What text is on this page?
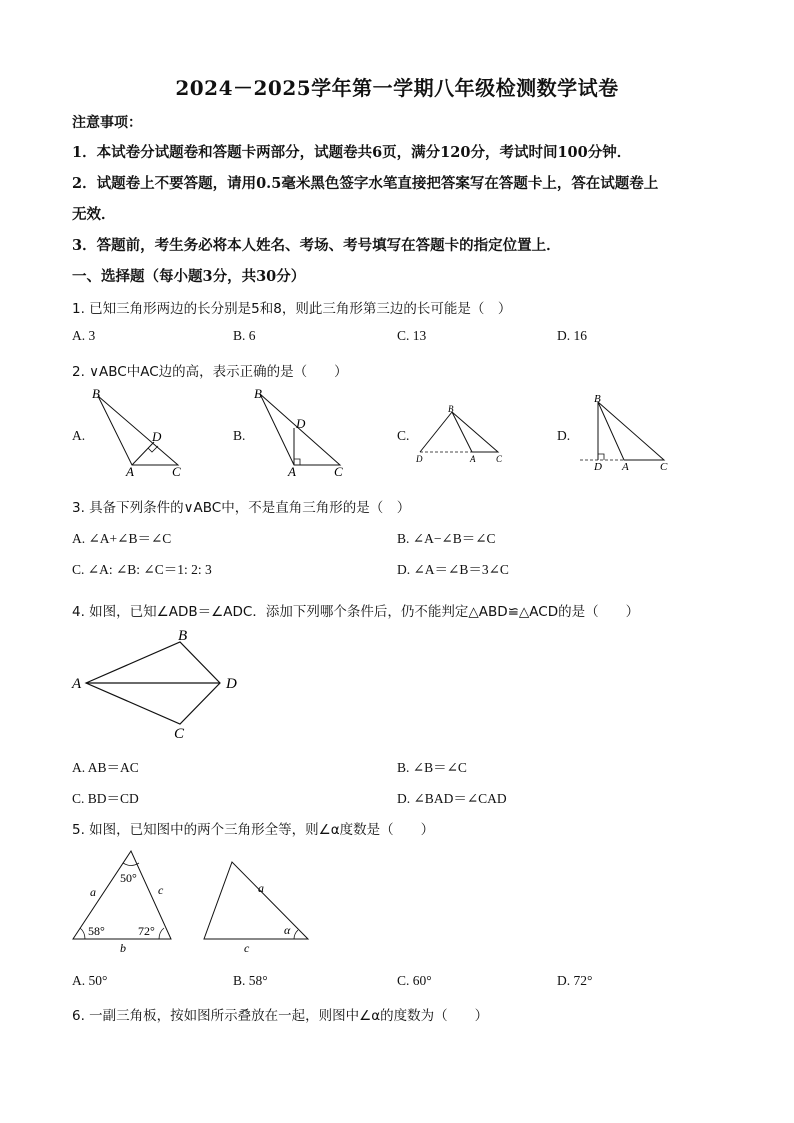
2024－2025学年第一学期八年级检测数学试卷
注意事项：
1．本试卷分试题卷和答题卡两部分，试题卷共6页，满分120分，考试时间100分钟．
2．试题卷上不要答题，请用0.5毫米黑色签字水笔直接把答案写在答题卡上，答在试题卷上
无效．
3．答题前，考生务必将本人姓名、考场、考号填写在答题卡的指定位置上．
一、选择题（每小题3分，共30分）
1. 已知三角形两边的长分别是5和8，则此三角形第三边的长可能是（　）
A. 3	B. 6	C. 13	D. 16
2. ∨ABC中AC边的高，表示正确的是（　　）
A.	B.	C.	D.
B
A	C
D
B
A	C
D
B
D	A C
B
D A	C
3. 具备下列条件的∨ABC中，不是直角三角形的是（　）
A. ∠A+∠B＝∠C	B. ∠A−∠B＝∠C
C. ∠A: ∠B: ∠C＝1: 2: 3	D. ∠A＝∠B＝3∠C
4. 如图，已知∠ADB＝∠ADC．添加下列哪个条件后，仍不能判定△ABD≌△ACD的是（　　）
A
B
D
C
A. AB＝AC	B. ∠B＝∠C
C. BD＝CD	D. ∠BAD＝∠CAD
5. 如图，已知图中的两个三角形全等，则∠α度数是（　　）
50°
58°	72°
a	c
b
a
c
α
A. 50°	B. 58°	C. 60°	D. 72°
6. 一副三角板，按如图所示叠放在一起，则图中∠α的度数为（　　）
